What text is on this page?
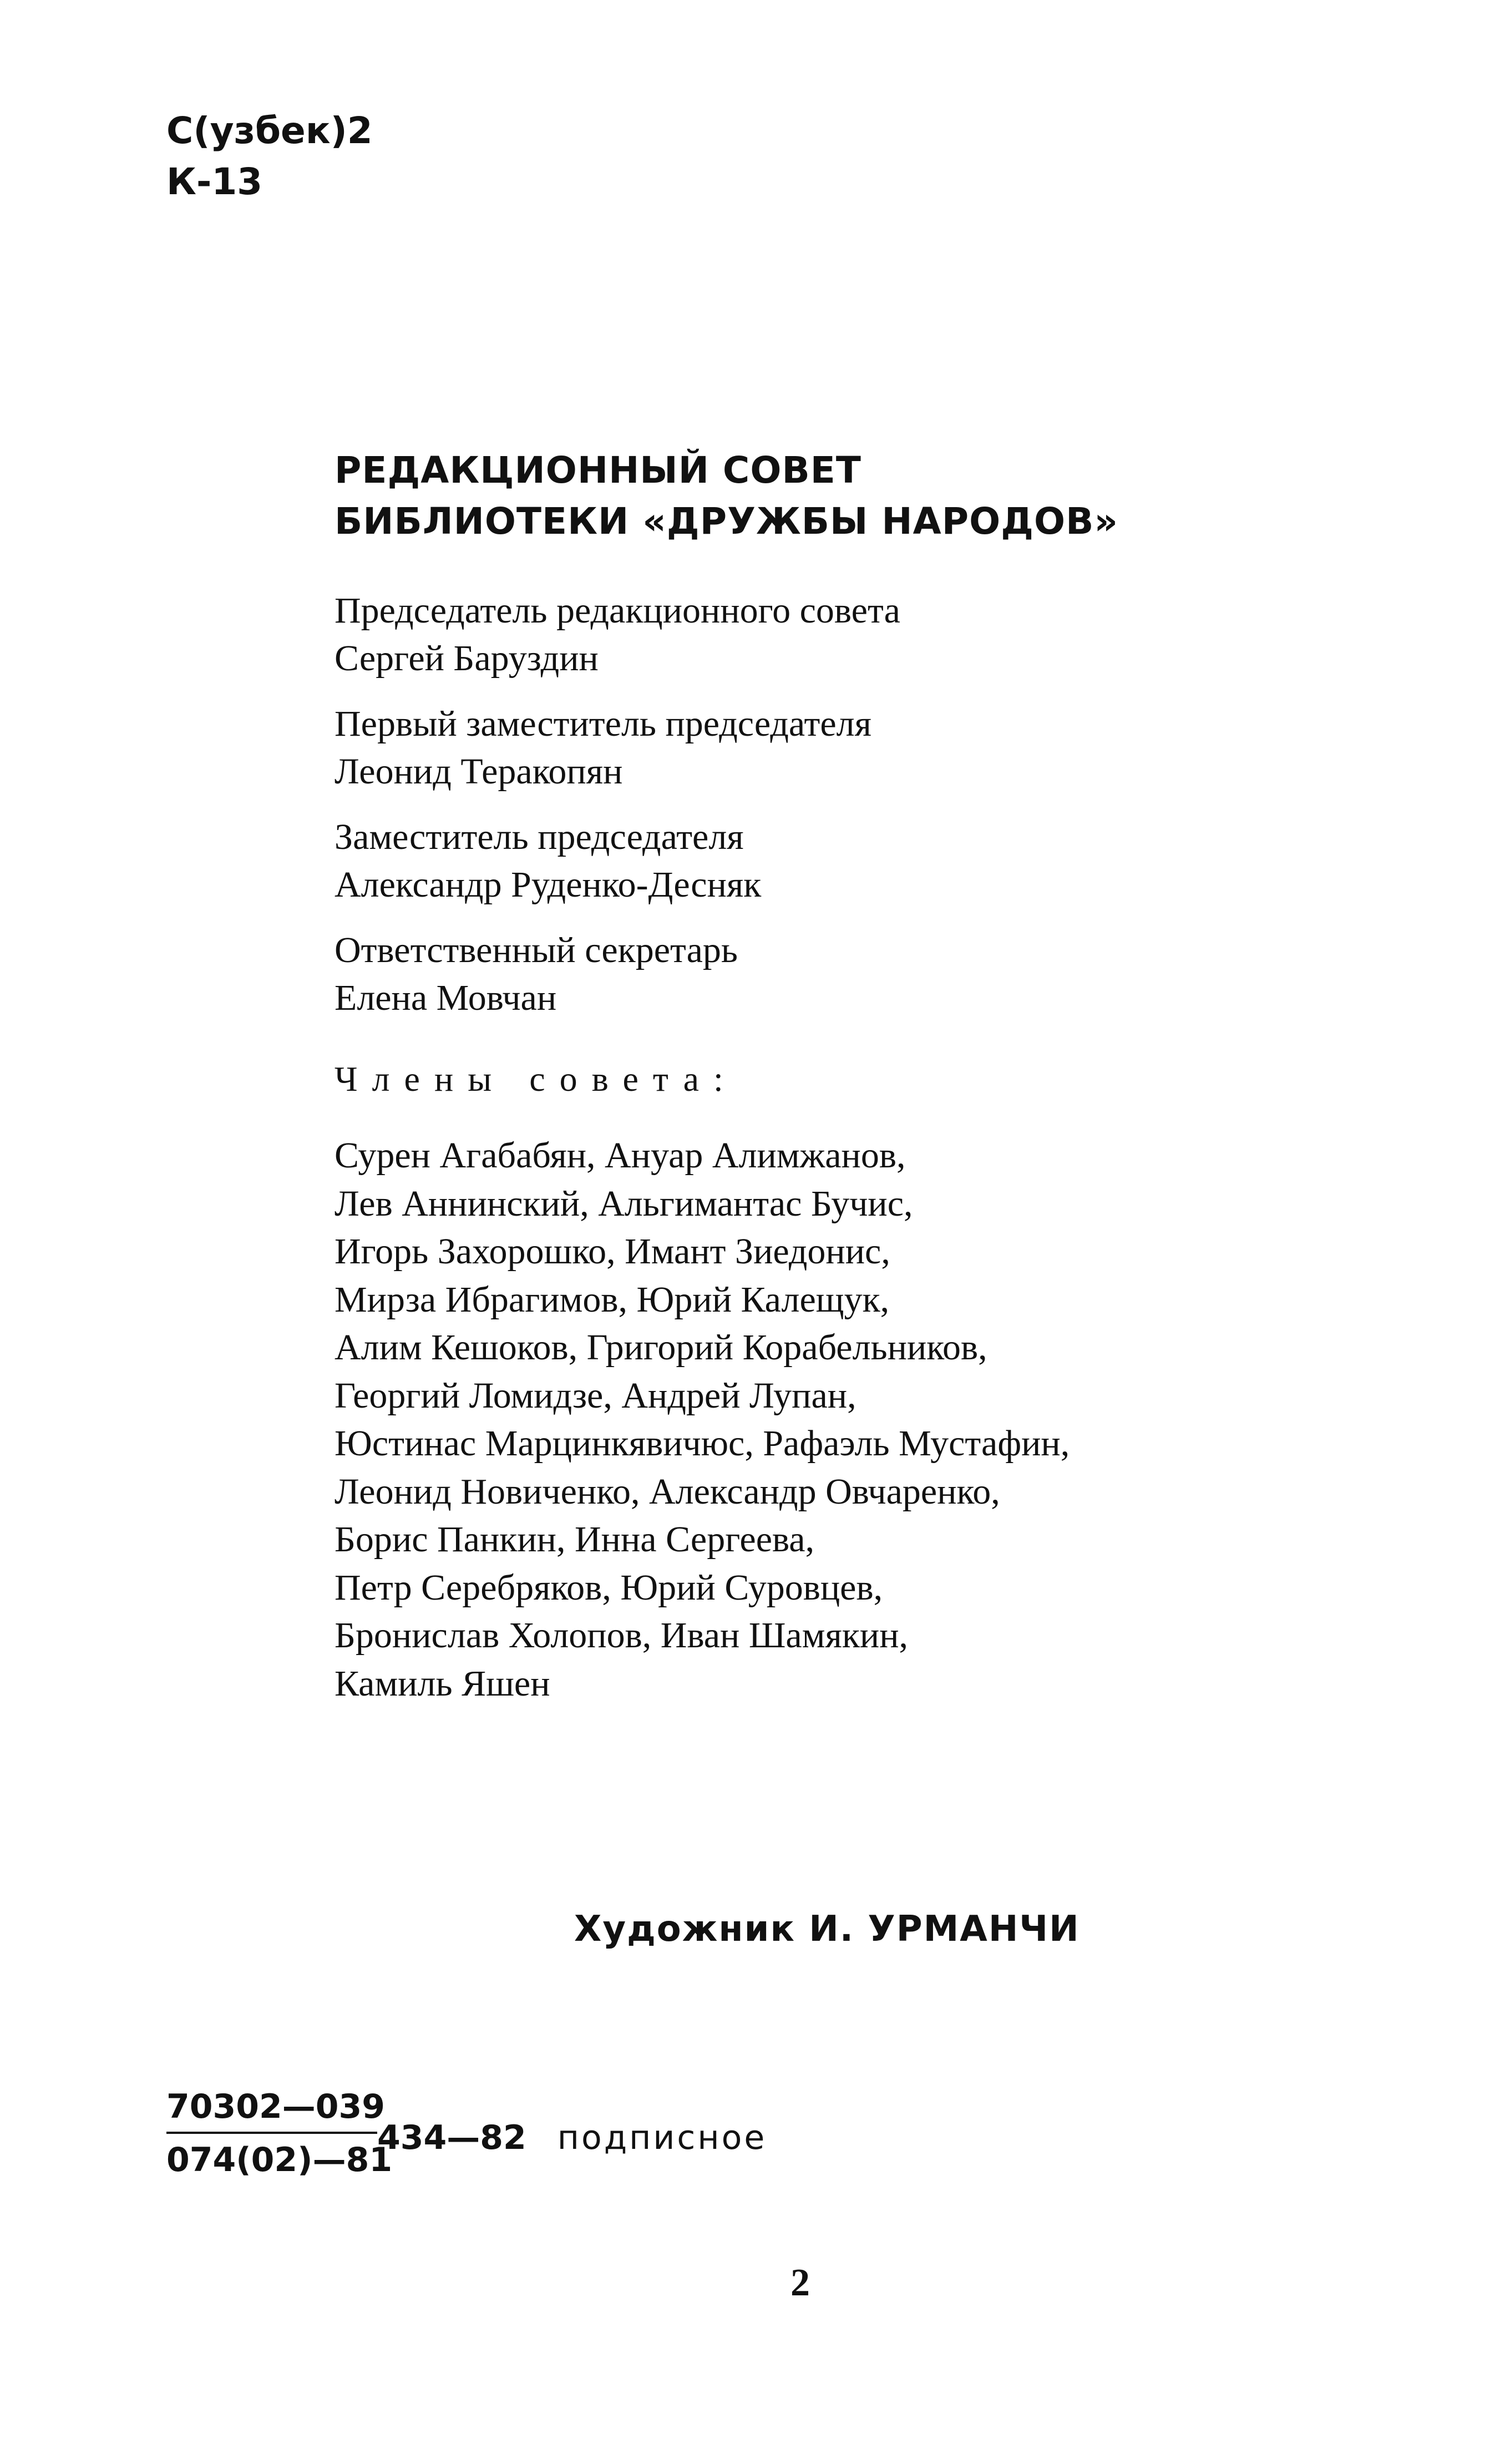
С(узбек)2
К-13
РЕДАКЦИОННЫЙ СОВЕТ
БИБЛИОТЕКИ «ДРУЖБЫ НАРОДОВ»
Председатель редакционного совета
Сергей Баруздин
Первый заместитель председателя
Леонид Теракопян
Заместитель председателя
Александр Руденко-Десняк
Ответственный секретарь
Елена Мовчан
Члены совета:
Сурен Агабабян, Ануар Алимжанов,
Лев Аннинский, Альгимантас Бучис,
Игорь Захорошко, Имант Зиедонис,
Мирза Ибрагимов, Юрий Калещук,
Алим Кешоков, Григорий Корабельников,
Георгий Ломидзе, Андрей Лупан,
Юстинас Марцинкявичюс, Рафаэль Мустафин,
Леонид Новиченко, Александр Овчаренко,
Борис Панкин, Инна Сергеева,
Петр Серебряков, Юрий Суровцев,
Бронислав Холопов, Иван Шамякин,
Камиль Яшен
Художник И. УРМАНЧИ
$\frac{70302—039}{074(02)—81}$
434—82 подписное
2
